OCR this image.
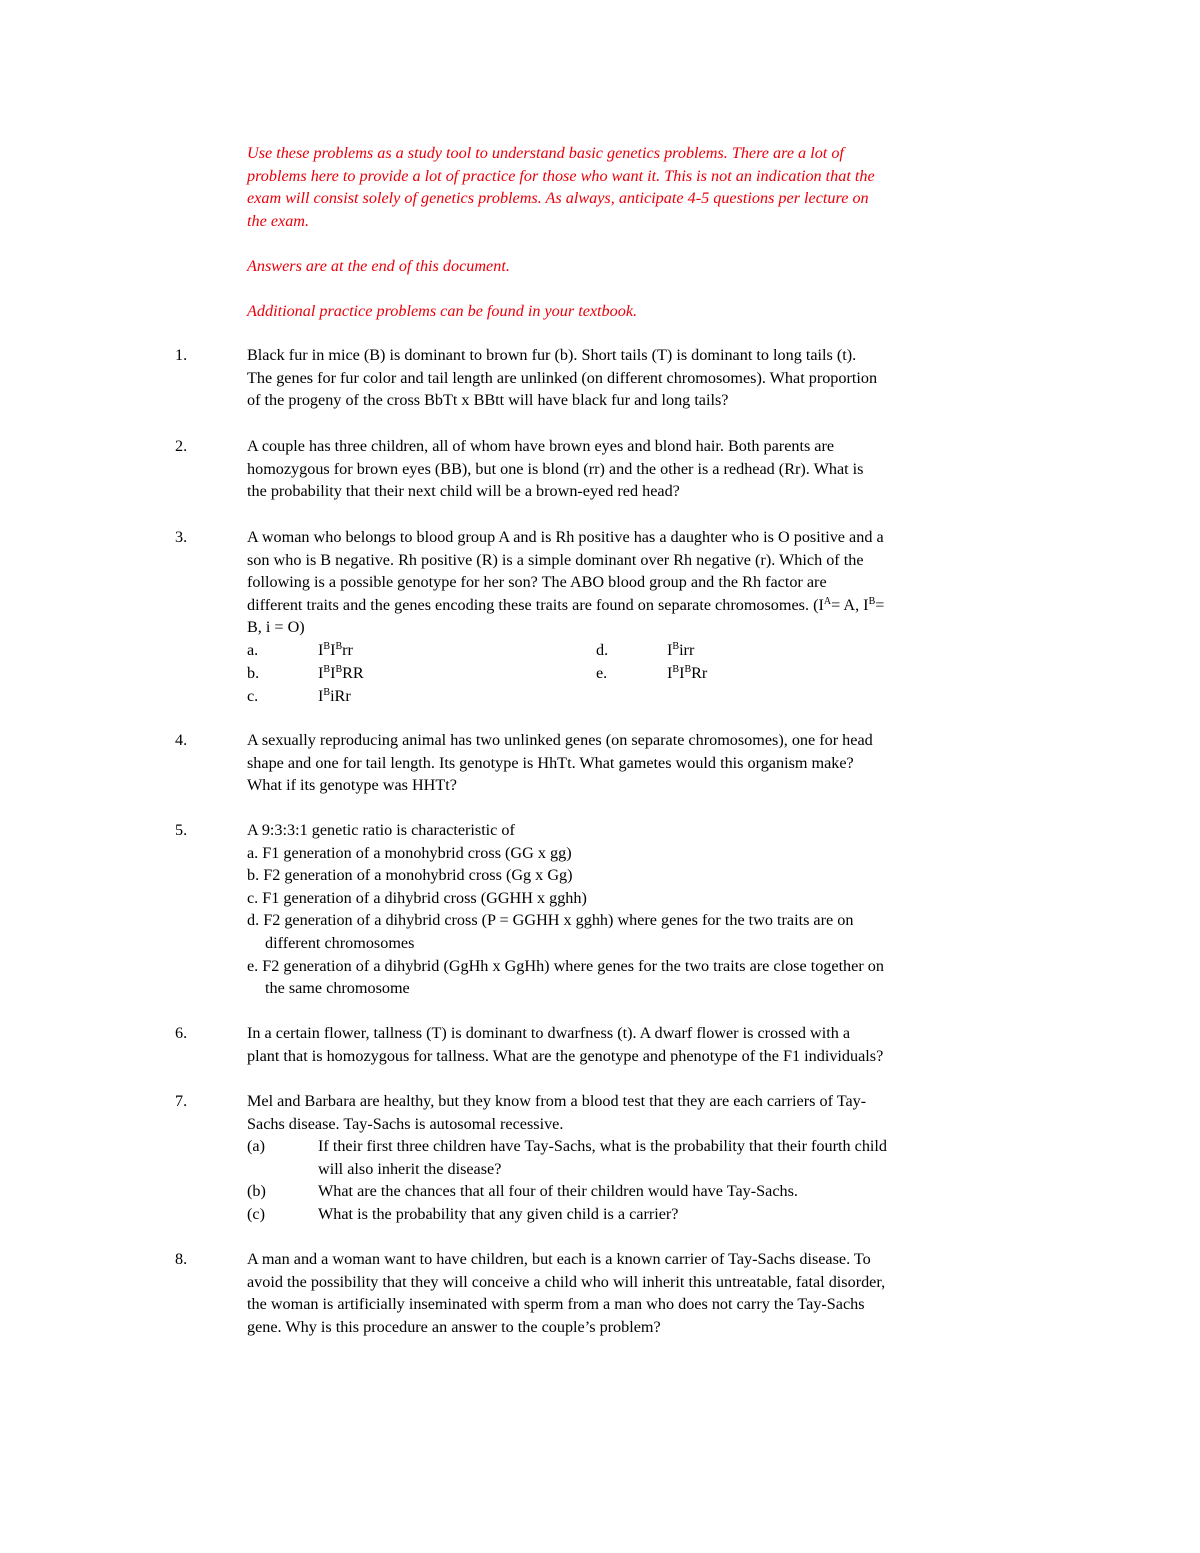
Use these problems as a study tool to understand basic genetics problems. There are a lot of
problems here to provide a lot of practice for those who want it. This is not an indication that the
exam will consist solely of genetics problems. As always, anticipate 4-5 questions per lecture on
the exam.
Answers are at the end of this document.
Additional practice problems can be found in your textbook.
1.	Black fur in mice (B) is dominant to brown fur (b). Short tails (T) is dominant to long tails (t).
The genes for fur color and tail length are unlinked (on different chromosomes). What proportion
of the progeny of the cross BbTt x BBtt will have black fur and long tails?
2.	A couple has three children, all of whom have brown eyes and blond hair. Both parents are
homozygous for brown eyes (BB), but one is blond (rr) and the other is a redhead (Rr). What is
the probability that their next child will be a brown-eyed red head?
3.	A woman who belongs to blood group A and is Rh positive has a daughter who is O positive and a
son who is B negative. Rh positive (R) is a simple dominant over Rh negative (r). Which of the
following is a possible genotype for her son? The ABO blood group and the Rh factor are
different traits and the genes encoding these traits are found on separate chromosomes. ($I^A= A$, $I^B=$
B, i = O)
a.	$I^BI^Brr$	d.	$I^Birr$
b.	$I^BI^BRR$	e.	$I^BI^BRr$
c.	$I^BiRr$
4.	A sexually reproducing animal has two unlinked genes (on separate chromosomes), one for head
shape and one for tail length. Its genotype is HhTt. What gametes would this organism make?
What if its genotype was HHTt?
5.	A 9:3:3:1 genetic ratio is characteristic of
a. F1 generation of a monohybrid cross (GG x gg)
b. F2 generation of a monohybrid cross (Gg x Gg)
c. F1 generation of a dihybrid cross (GGHH x gghh)
d. F2 generation of a dihybrid cross (P = GGHH x gghh) where genes for the two traits are on
different chromosomes
e. F2 generation of a dihybrid (GgHh x GgHh) where genes for the two traits are close together on
the same chromosome
6.	In a certain flower, tallness (T) is dominant to dwarfness (t). A dwarf flower is crossed with a
plant that is homozygous for tallness. What are the genotype and phenotype of the F1 individuals?
7.	Mel and Barbara are healthy, but they know from a blood test that they are each carriers of Tay-
Sachs disease. Tay-Sachs is autosomal recessive.
(a)	If their first three children have Tay-Sachs, what is the probability that their fourth child
will also inherit the disease?
(b)	What are the chances that all four of their children would have Tay-Sachs.
(c)	What is the probability that any given child is a carrier?
8.	A man and a woman want to have children, but each is a known carrier of Tay-Sachs disease. To
avoid the possibility that they will conceive a child who will inherit this untreatable, fatal disorder,
the woman is artificially inseminated with sperm from a man who does not carry the Tay-Sachs
gene. Why is this procedure an answer to the couple’s problem?
